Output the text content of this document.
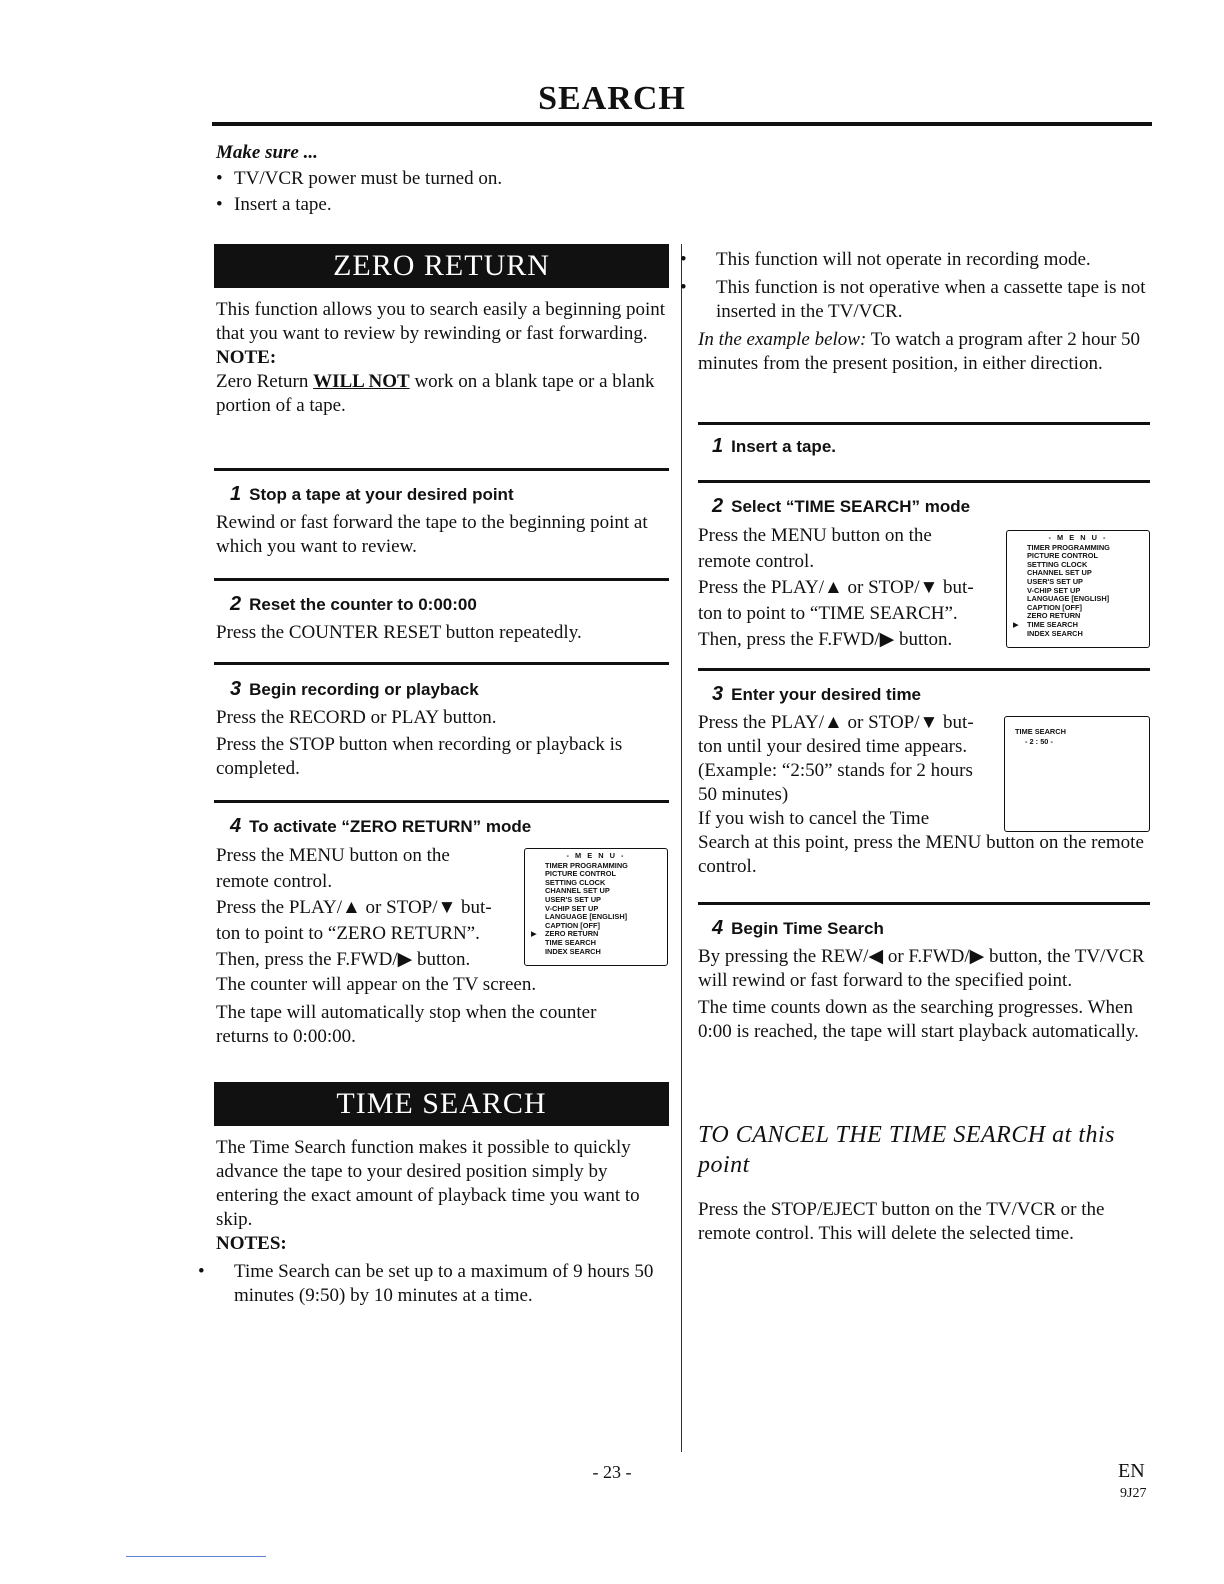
SEARCH
Make sure ...
• TV/VCR power must be turned on.
• Insert a tape.
ZERO RETURN

This function allows you to search easily a beginning point that you want to review by rewinding or fast forwarding.

NOTE:

Zero Return WILL NOT work on a blank tape or a blank portion of a tape.

1 Stop a tape at your desired point

Rewind or fast forward the tape to the beginning point at which you want to review.

2 Reset the counter to 0:00:00

Press the COUNTER RESET button repeatedly.

3 Begin recording or playback

Press the RECORD or PLAY button.

Press the STOP button when recording or playback is completed.

4 To activate “ZERO RETURN” mode

Press the MENU button on the

remote control.

Press the PLAY/▲ or STOP/▼ but-

ton to point to “ZERO RETURN”.

Then, press the F.FWD/▶ button.

The counter will appear on the TV screen.

The tape will automatically stop when the counter returns to 0:00:00.

- M E N U -
TIMER PROGRAMMING
PICTURE CONTROL
SETTING CLOCK
CHANNEL SET UP
USER'S SET UP
V-CHIP SET UP
LANGUAGE [ENGLISH]
CAPTION [OFF]
▶ ZERO RETURN
TIME SEARCH
INDEX SEARCH
TIME SEARCH

The Time Search function makes it possible to quickly advance the tape to your desired position simply by entering the exact amount of playback time you want to skip.

NOTES:

• Time Search can be set up to a maximum of 9 hours 50 minutes (9:50) by 10 minutes at a time.

• This function will not operate in recording mode.

• This function is not operative when a cassette tape is not inserted in the TV/VCR.

In the example below: To watch a program after 2 hour 50 minutes from the present position, in either direction.

1 Insert a tape.
2 Select “TIME SEARCH” mode

Press the MENU button on the

remote control.

Press the PLAY/▲ or STOP/▼ but-

ton to point to “TIME SEARCH”.

Then, press the F.FWD/▶ button.

- M E N U -
TIMER PROGRAMMING
PICTURE CONTROL
SETTING CLOCK
CHANNEL SET UP
USER'S SET UP
V-CHIP SET UP
LANGUAGE [ENGLISH]
CAPTION [OFF]
ZERO RETURN
▶ TIME SEARCH
INDEX SEARCH
3 Enter your desired time

Press the PLAY/▲ or STOP/▼ but-

ton until your desired time appears.

(Example: “2:50” stands for 2 hours

50 minutes)

If you wish to cancel the Time

Search at this point, press the MENU button on the remote control.

TIME SEARCH
- 2 : 50 -
4 Begin Time Search

By pressing the REW/◀ or F.FWD/▶ button, the TV/VCR will rewind or fast forward to the specified point.

The time counts down as the searching progresses. When 0:00 is reached, the tape will start playback automatically.

TO CANCEL THE TIME SEARCH at this point

Press the STOP/EJECT button on the TV/VCR or the remote control. This will delete the selected time.

- 23 -	EN
9J27
